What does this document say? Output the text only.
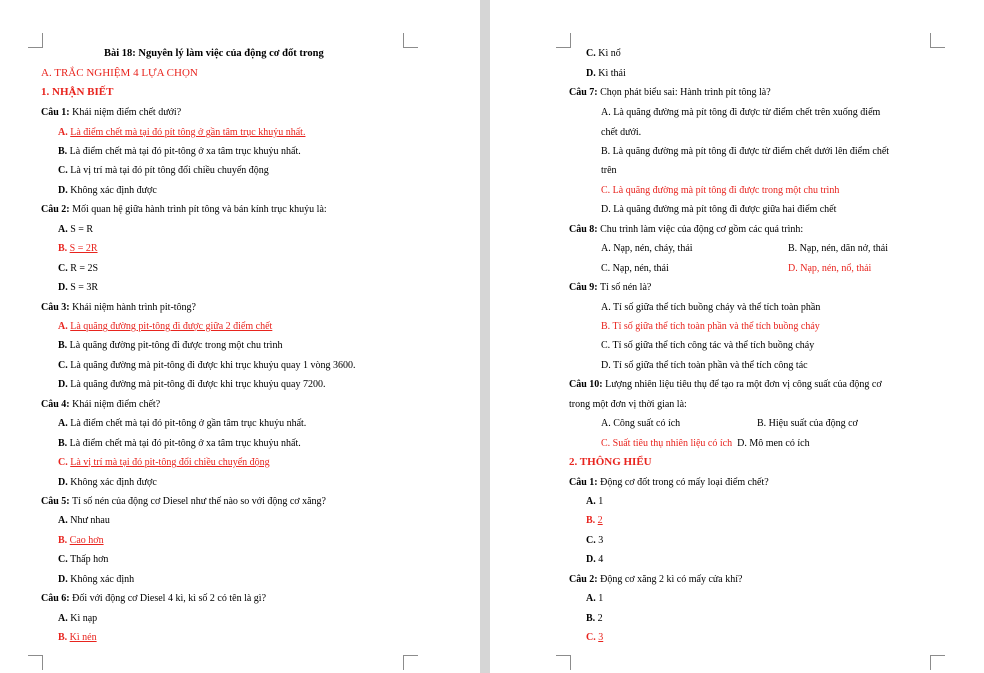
Bài 18: Nguyên lý làm việc của động cơ đốt trong
A. TRẮC NGHIỆM 4 LỰA CHỌN
1. NHẬN BIẾT
Câu 1: Khái niệm điểm chết dưới?
A. Là điểm chết mà tại đó pít tông ở gần tâm trục khuỷu nhất.
B. Là điểm chết mà tại đó pit-tông ở xa tâm trục khuỷu nhất.
C. Là vị trí mà tại đó pít tông đổi chiều chuyển động
D. Không xác định được
Câu 2: Mối quan hệ giữa hành trình pít tông và bán kính trục khuỷu là:
A. S = R
B. S = 2R
C. R = 2S
D. S = 3R
Câu 3: Khái niệm hành trình pit-tông?
A. Là quãng đường pit-tông đi được giữa 2 điểm chết
B. Là quãng đường pit-tông đi được trong một chu trình
C. Là quãng đường mà pit-tông đi được khi trục khuỷu quay 1 vòng 3600.
D. Là quãng đường mà pit-tông đi được khi trục khuỷu quay 7200.
Câu 4: Khái niệm điểm chết?
A. Là điểm chết mà tại đó pit-tông ở gần tâm trục khuỷu nhất.
B. Là điểm chết mà tại đó pit-tông ở xa tâm trục khuỷu nhất.
C. Là vị trí mà tại đó pit-tông đổi chiều chuyển động
D. Không xác định được
Câu 5: Tỉ số nén của động cơ Diesel như thế nào so với động cơ xăng?
A. Như nhau
B. Cao hơn
C. Thấp hơn
D. Không xác định
Câu 6: Đối với động cơ Diesel 4 kì, kì số 2 có tên là gì?
A. Kì nạp
B. Kì nén
C. Kì nổ
D. Kì thải
Câu 7: Chọn phát biểu sai: Hành trình pít tông là?
A. Là quãng đường mà pít tông đi được từ điểm chết trên xuống điểm
chết dưới.
B. Là quãng đường mà pít tông đi được từ điểm chết dưới lên điểm chết
trên
C. Là quãng đường mà pít tông đi được trong một chu trình
D. Là quãng đường mà pít tông đi được giữa hai điểm chết
Câu 8: Chu trình làm việc của động cơ gồm các quá trình:
A. Nạp, nén, cháy, thải	B. Nạp, nén, dãn nở, thải
C. Nạp, nén, thải	D. Nạp, nén, nổ, thải
Câu 9: Tỉ số nén là?
A. Tỉ số giữa thể tích buồng cháy và thể tích toàn phần
B. Tỉ số giữa thể tích toàn phần và thể tích buồng cháy
C. Tỉ số giữa thể tích công tác và thể tích buồng cháy
D. Tỉ số giữa thể tích toàn phần và thể tích công tác
Câu 10: Lượng nhiên liệu tiêu thụ để tạo ra một đơn vị công suất của động cơ
trong một đơn vị thời gian là:
A. Công suất có ích	B. Hiệu suất của động cơ
C. Suất tiêu thụ nhiên liệu có ích D. Mô men có ích
2. THÔNG HIỂU
Câu 1: Động cơ đốt trong có mấy loại điểm chết?
A. 1
B. 2
C. 3
D. 4
Câu 2: Động cơ xăng 2 kì có mấy cửa khí?
A. 1
B. 2
C. 3
